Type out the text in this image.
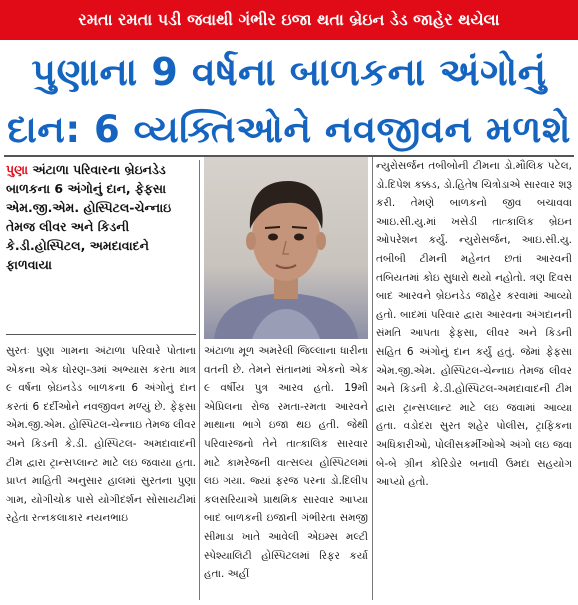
રમતા રમતા પડી જવાથી ગંભીર ઇજા થતા બ્રેઇન ડેડ જાહેર થયેલા
પુણાના 9 વર્ષના બાળકના અંગોનું
દાન: 6 વ્યક્તિઓને નવજીવન મળશે
પુણા અંટાળા પરિવારના બ્રેઇનડેડ બાળકના 6 અંગોનું દાન, ફેફસા એમ.જી.એમ. હોસ્પિટલ-ચેન્નાઇ તેમજ લીવર અને કિડની કે.ડી.હોસ્પિટલ, અમદાવાદને ફાળવાયા

સુરતઃ પુણા ગામના અંટાળા પરિવારે પોતાના એકના એક ધોરણ-૩માં અભ્યાસ કરતા માત્ર ૯ વર્ષના બ્રેઇનડેડ બાળકના 6 અંગોનું દાન કરતાં 6 દર્દીઓને નવજીવન મળ્યું છે. ફેફસા એમ.જી.એમ. હોસ્પિટલ-ચેન્નાઇ તેમજ લીવર અને કિડની કે.ડી. હોસ્પિટલ- અમદાવાદની ટીમ દ્વારા ટ્રાન્સપ્લાન્ટ માટે લઇ જવાયા હતા. પ્રાપ્ત માહિતી અનુસાર હાલમાં સુરતના પુણા ગામ, યોગીચોક પાસે યોગીદર્શન સોસાયટીમાં રહેતા રત્નકલાકાર નયનભાઇ

અંટાળા મૂળ અમરેલી જિલ્લાના ધારીના વતની છે. તેમને સંતાનમાં એકનો એક ૯ વર્ષીય પુત્ર આરવ હતો. 19મી એપ્રિલના રોજ રમતા-રમતા આરવને માથાના ભાગે ઇજા થઇ હતી. જેથી પરિવારજનો તેને તાત્કાલિક સારવાર માટે કામરેજની વાત્સલ્ય હોસ્પિટલમાં લઇ ગયા. જ્યાં ફરજ પરના ડો.દિલીપ કલસરિયાએ પ્રાથમિક સારવાર આપ્યા બાદ બાળકની ઇજાની ગંભીરતા સમજી સીમાડા ખાતે આવેલી એઇમ્સ મલ્ટી સ્પેશ્યાલિટી હોસ્પિટલમાં રિફર કર્યા હતા. અહીં

ન્યુરોસર્જન તબીબોની ટીમના ડો.મૌલિક પટેલ, ડો.દિપેશ કક્કડ, ડો.હિતેષ ચિત્રોડાએ સારવાર શરૂ કરી. તેમણે બાળકનો જીવ બચાવવા આઇ.સી.યુ.માં ખસેડી તાત્કાલિક બ્રેઇન ઓપરેશન કર્યું. ન્યુરોસર્જન, આઇ.સી.યુ. તબીબી ટીમની મહેનત છતાં આરવની તબિયતમાં કોઇ સુધારો થયો નહોતો. ત્રણ દિવસ બાદ આરવને બ્રેઇનડેડ જાહેર કરવામાં આવ્યો હતો. બાદમાં પરિવાર દ્વારા આરવના અંગદાનની સંમતિ આપતા ફેફસા, લીવર અને કિડની સહિત 6 અંગોનું દાન કર્યું હતું. જેમાં ફેફસા એમ.જી.એમ. હોસ્પિટલ-ચેન્નાઇ તેમજ લીવર અને કિડની કે.ડી.હોસ્પિટલ-અમદાવાદની ટીમ દ્વારા ટ્રાન્સપ્લાન્ટ માટે લઇ જવામાં આવ્યા હતા. વડોદરા સુરત શહેર પોલીસ, ટ્રાફિકના અધિકારીઓ, પોલીસકર્મીઓએ અંગો લઇ જવા બે-બે ગ્રીન કોરિડોર બનાવી ઉમદા સહયોગ આપ્યો હતો.
